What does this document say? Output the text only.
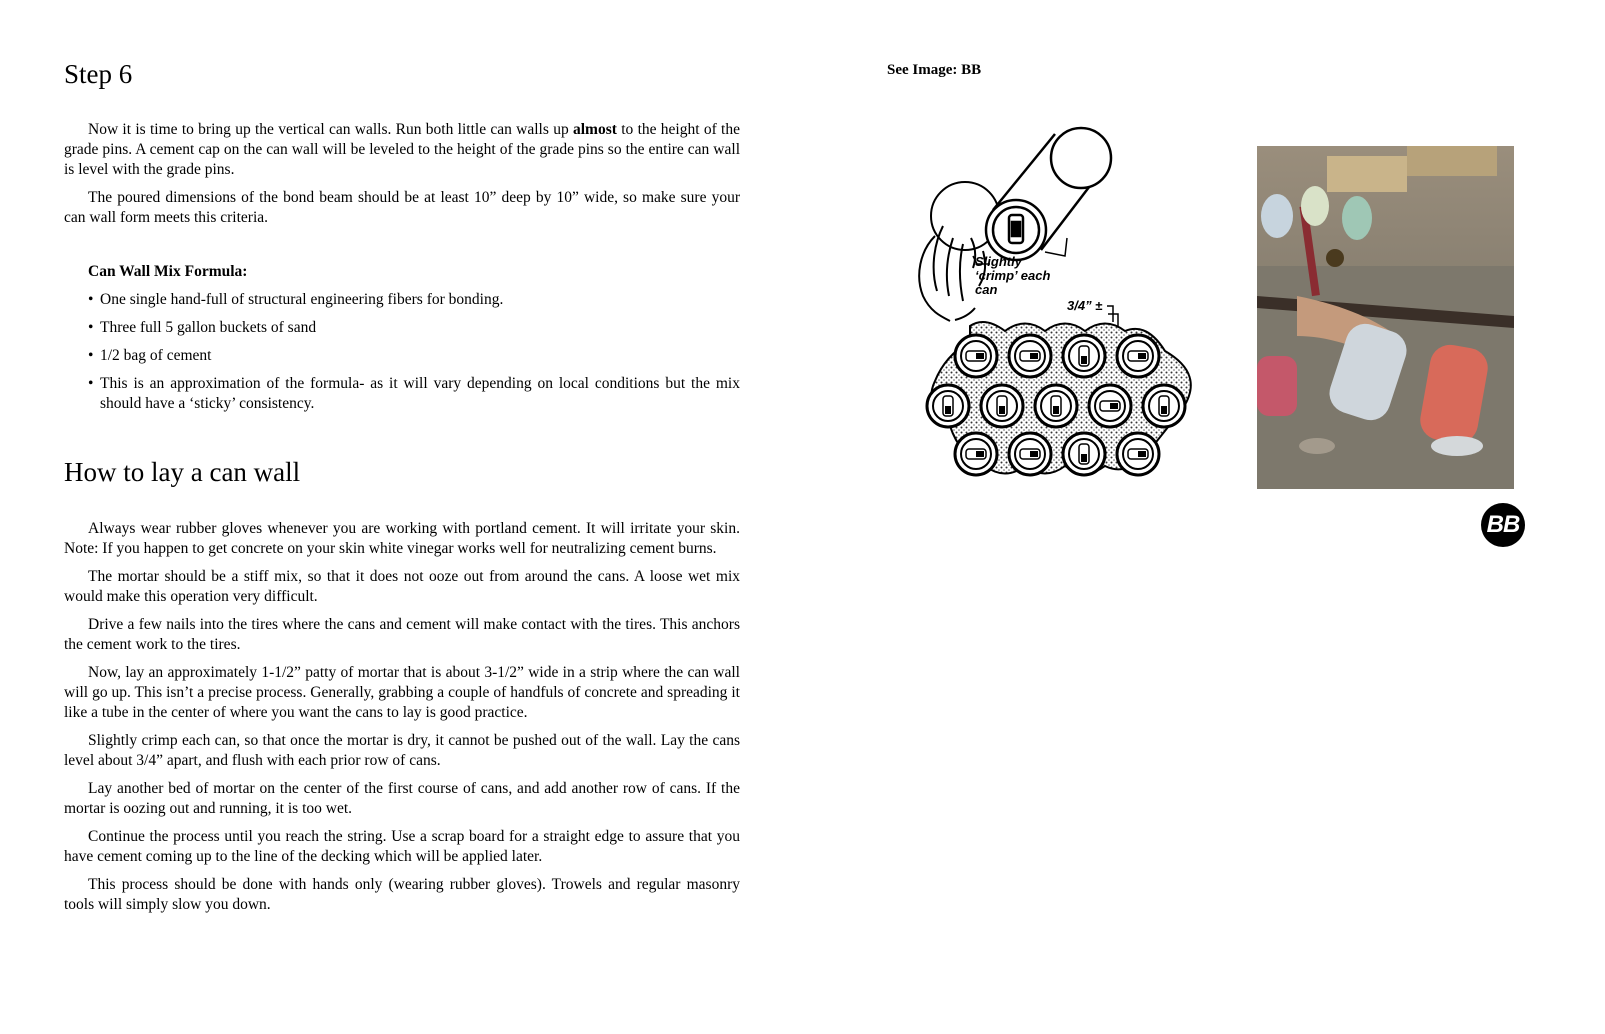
Step 6

Now it is time to bring up the vertical can walls. Run both little can walls up almost to the height of the grade pins. A cement cap on the can wall will be leveled to the height of the grade pins so the entire can wall is level with the grade pins.

The poured dimensions of the bond beam should be at least 10” deep by 10” wide, so make sure your can wall form meets this criteria.

Can Wall Mix Formula:
• One single hand-full of structural engineering fibers for bonding.
• Three full 5 gallon buckets of sand
• 1/2 bag of cement
• This is an approximation of the formula- as it will vary depending on local conditions but the mix should have a ‘sticky’ consistency.
How to lay a can wall

Always wear rubber gloves whenever you are working with portland cement. It will irritate your skin. Note: If you happen to get concrete on your skin white vinegar works well for neutralizing cement burns.

The mortar should be a stiff mix, so that it does not ooze out from around the cans. A loose wet mix would make this operation very difficult.

Drive a few nails into the tires where the cans and cement will make contact with the tires. This anchors the cement work to the tires.

Now, lay an approximately 1-1/2” patty of mortar that is about 3-1/2” wide in a strip where the can wall will go up. This isn’t a precise process. Generally, grabbing a couple of handfuls of concrete and spreading it like a tube in the center of where you want the cans to lay is good practice.

Slightly crimp each can, so that once the mortar is dry, it cannot be pushed out of the wall. Lay the cans level about 3/4” apart, and flush with each prior row of cans.

Lay another bed of mortar on the center of the first course of cans, and add another row of cans. If the mortar is oozing out and running, it is too wet.

Continue the process until you reach the string. Use a scrap board for a straight edge to assure that you have cement coming up to the line of the decking which will be applied later.

This process should be done with hands only (wearing rubber gloves). Trowels and regular masonry tools will simply slow you down.

See Image: BB
Slightly
‘crimp’ each
can
3/4” ±
BB
